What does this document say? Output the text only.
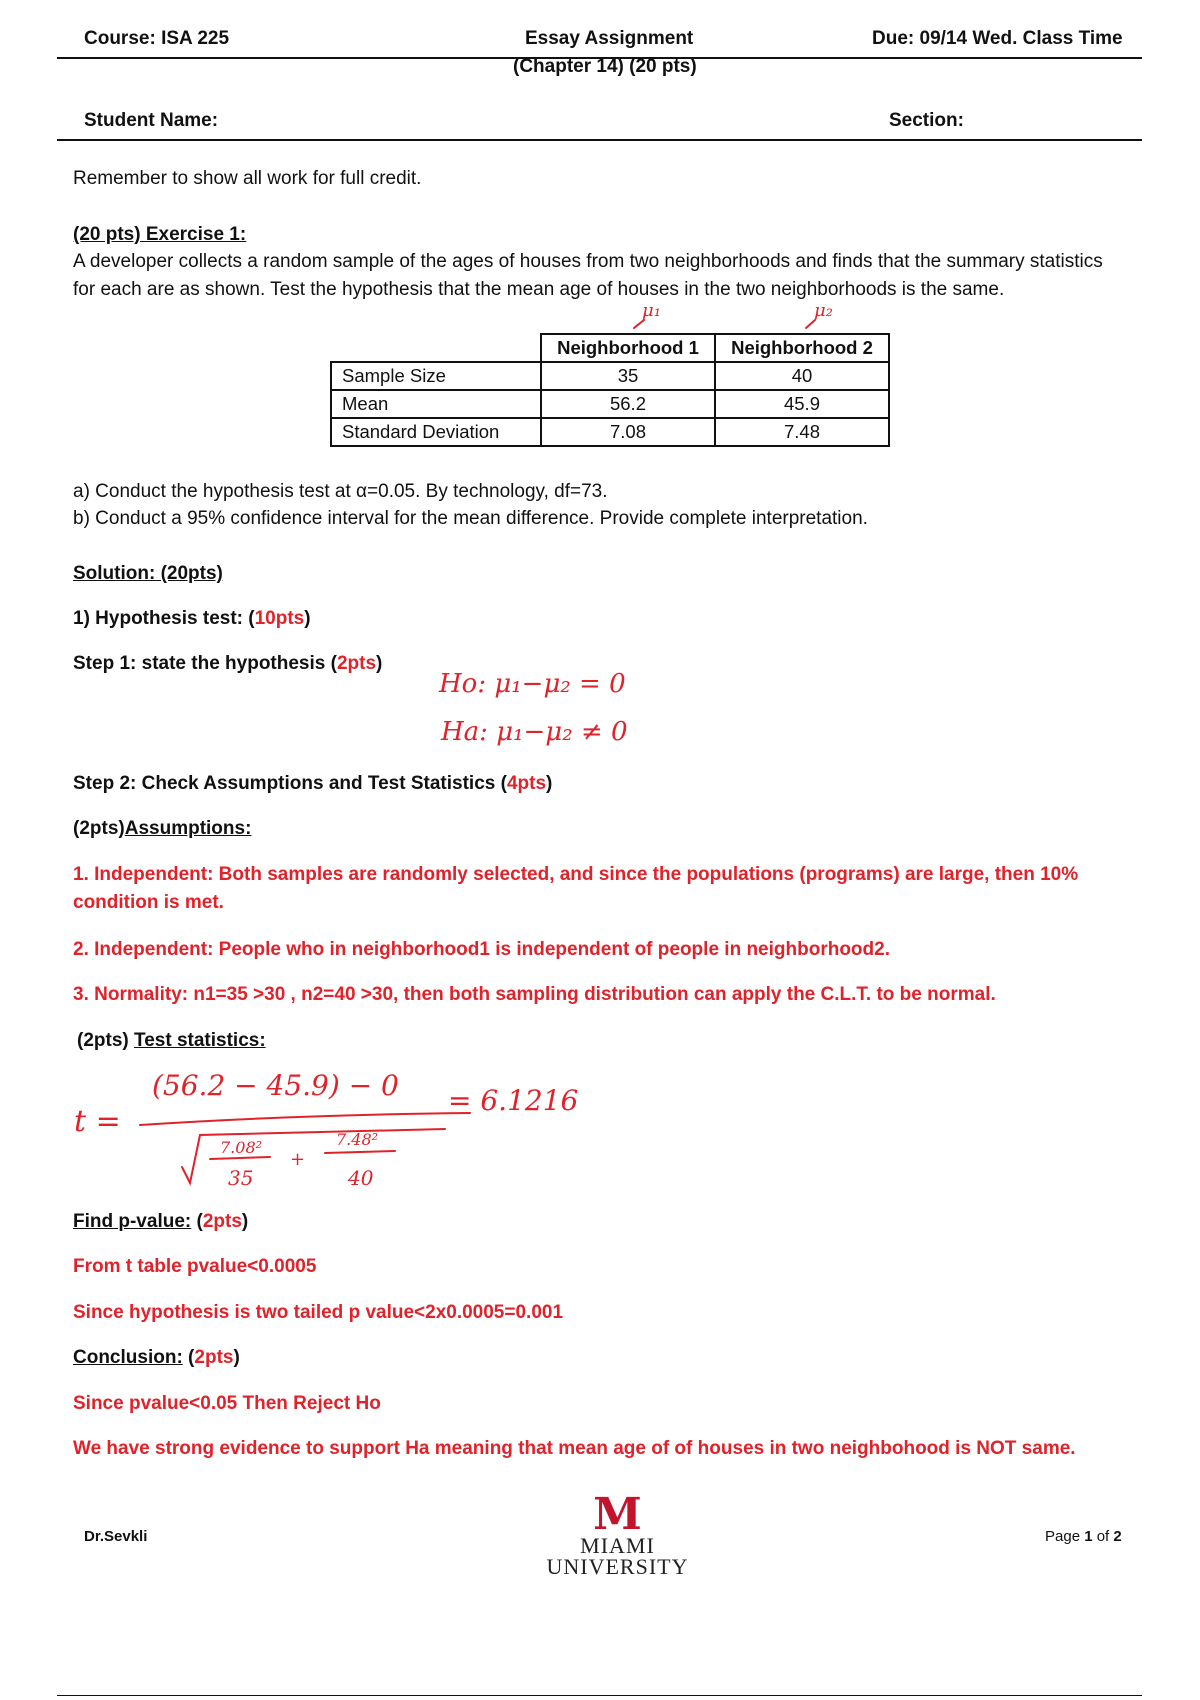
Course: ISA 225	Essay Assignment	Due: 09/14 Wed. Class Time
(Chapter 14) (20 pts)
Student Name:	Section:
Remember to show all work for full credit.
(20 pts) Exercise 1:
A developer collects a random sample of the ages of houses from two neighborhoods and finds that the summary statistics for each are as shown. Test the hypothesis that the mean age of houses in the two neighborhoods is the same.
	Neighborhood 1	Neighborhood 2
Sample Size	35	40
Mean	56.2	45.9
Standard Deviation	7.08	7.48
μ₁	μ₂
a) Conduct the hypothesis test at α=0.05. By technology, df=73.
b) Conduct a 95% confidence interval for the mean difference. Provide complete interpretation.
Solution: (20pts)
1) Hypothesis test: (10pts)
Step 1: state the hypothesis (2pts)
Ho: μ₁−μ₂ = 0
Ha: μ₁−μ₂ ≠ 0
Step 2: Check Assumptions and Test Statistics (4pts)
(2pts)Assumptions:
1. Independent: Both samples are randomly selected, and since the populations (programs) are large, then 10% condition is met.
2. Independent: People who in neighborhood1 is independent of people in neighborhood2.
3. Normality: n1=35 >30 , n2=40 >30, then both sampling distribution can apply the C.L.T. to be normal.
(2pts) Test statistics:
t =
(56.2 − 45.9) − 0
7.08²
35
+
7.48²
40
= 6.1216
Find p-value: (2pts)
From t table pvalue<0.0005
Since hypothesis is two tailed p value<2x0.0005=0.001
Conclusion: (2pts)
Since pvalue<0.05 Then Reject Ho
We have strong evidence to support Ha meaning that mean age of of houses in two neighbohood is NOT same.
Dr.Sevkli	M
MIAMI
UNIVERSITY
Page 1 of 2
